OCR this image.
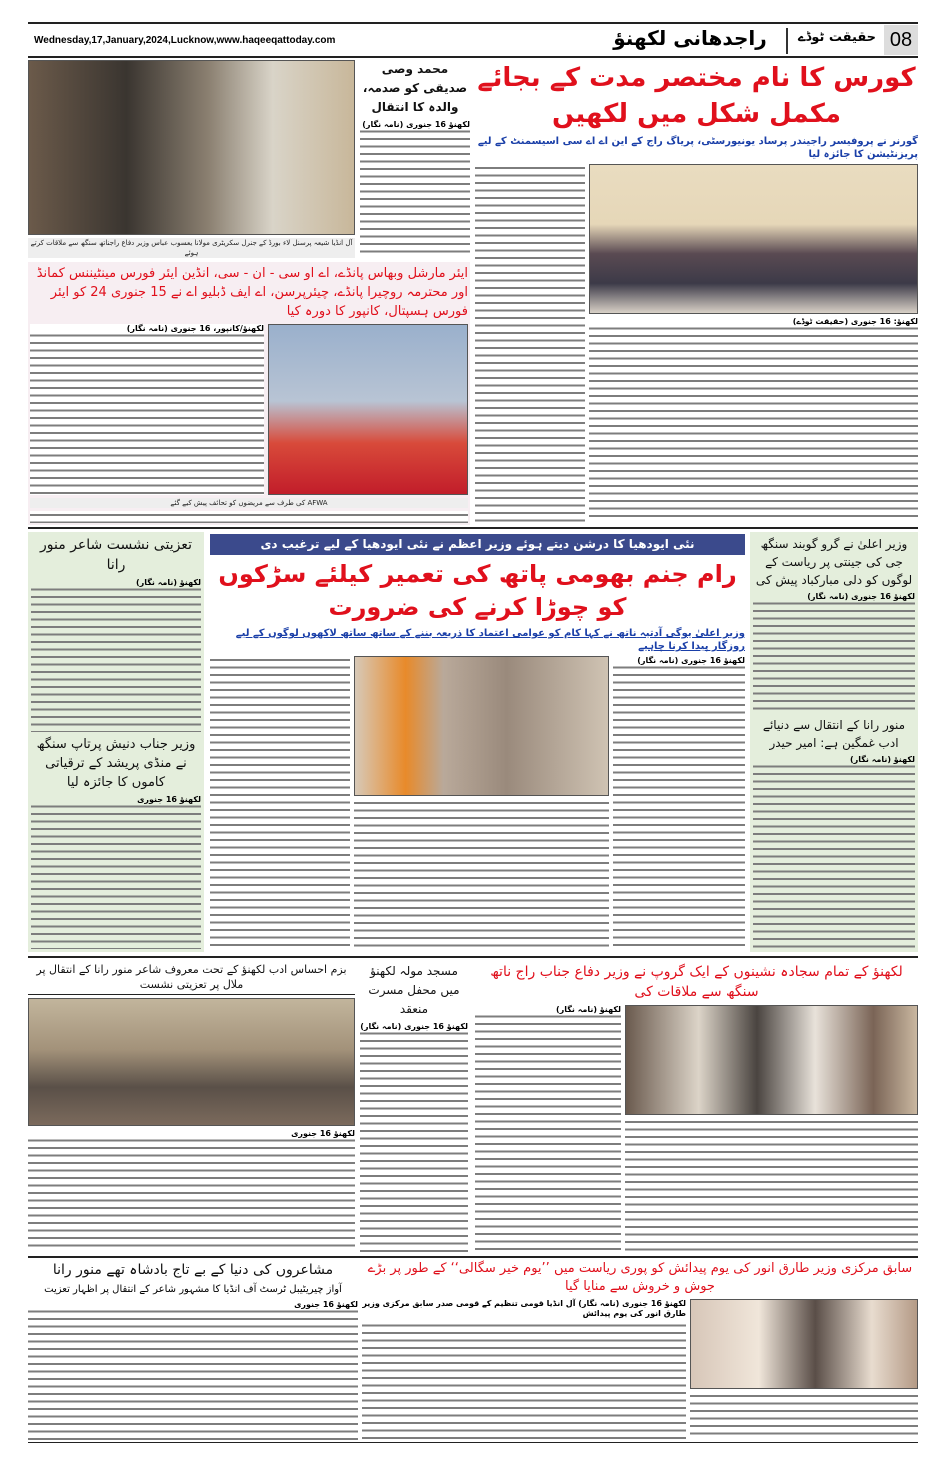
Wednesday,17,January,2024,Lucknow,www.haqeeqattoday.com	راجدھانی لکھنؤ	حقیقت ٹوڈے 08
آل انڈیا شیعہ پرسنل لاء بورڈ کے جنرل سکریٹری مولانا یعسوب عباس وزیر دفاع راجناتھ سنگھ سے ملاقات کرتے ہوئے
محمد وصی صدیقی کو صدمہ، والدہ کا انتقال
لکھنؤ 16 جنوری (نامہ نگار)
کورس کا نام مختصر مدت کے بجائے مکمل شکل میں لکھیں
گورنر نے پروفیسر راجیندر پرساد یونیورسٹی، پریاگ راج کے این اے اے سی اسیسمنٹ کے لیے پریزنٹیشن کا جائزہ لیا
لکھنؤ: 16 جنوری (حقیقت ٹوڈے)
ایئر مارشل وبھاس پانڈے، اے او سی - ان - سی، انڈین ایئر فورس مینٹیننس کمانڈ اور محترمہ روچیرا پانڈے، چیئرپرسن، اے ایف ڈبلیو اے نے 15 جنوری 24 کو ایئر فورس ہسپتال، کانپور کا دورہ کیا
لکھنؤ/کانپور، 16 جنوری (نامہ نگار)
AFWA کی طرف سے مریضوں کو تحائف پیش کیے گئے
تعزیتی نشست شاعر منور رانا
لکھنؤ (نامہ نگار)
وزیر جناب دنیش پرتاپ سنگھ نے منڈی پریشد کے ترقیاتی کاموں کا جائزہ لیا
لکھنؤ 16 جنوری
نئی ایودھیا کا درشن دیتے ہوئے وزیر اعظم نے نئی ایودھیا کے لیے ترغیب دی
رام جنم بھومی پاتھ کی تعمیر کیلئے سڑکوں کو چوڑا کرنے کی ضرورت
وزیر اعلیٰ یوگی آدتیہ ناتھ نے کہا کام کو عوامی اعتماد کا ذریعہ بننے کے ساتھ ساتھ لاکھوں لوگوں کے لیے روزگار پیدا کرنا چاہیے
لکھنؤ 16 جنوری (نامہ نگار)
وزیر اعلیٰ نے گرو گوبند سنگھ جی کی جینتی پر ریاست کے لوگوں کو دلی مبارکباد پیش کی
لکھنؤ 16 جنوری (نامہ نگار)
منور رانا کے انتقال سے دنیائے ادب غمگین ہے: امیر حیدر
لکھنؤ (نامہ نگار)
بزم احساس ادب لکھنؤ کے تحت معروف شاعر منور رانا کے انتقال پر ملال پر تعزیتی نشست
لکھنؤ 16 جنوری
مسجد مولہ لکھنؤ میں محفل مسرت منعقد
لکھنؤ 16 جنوری (نامہ نگار)
لکھنؤ کے تمام سجادہ نشینوں کے ایک گروپ نے وزیر دفاع جناب راج ناتھ سنگھ سے ملاقات کی
لکھنؤ (نامہ نگار)
مشاعروں کی دنیا کے بے تاج بادشاہ تھے منور رانا
آواز چیریٹیبل ٹرسٹ آف انڈیا کا مشہور شاعر کے انتقال پر اظہار تعزیت
لکھنؤ 16 جنوری
سابق مرکزی وزیر طارق انور کی یوم پیدائش کو پوری ریاست میں ’’یوم خیر سگالی‘‘ کے طور پر بڑے جوش و خروش سے منایا گیا
لکھنؤ 16 جنوری (نامہ نگار) آل انڈیا قومی تنظیم کے قومی صدر سابق مرکزی وزیر طارق انور کی یوم پیدائش
